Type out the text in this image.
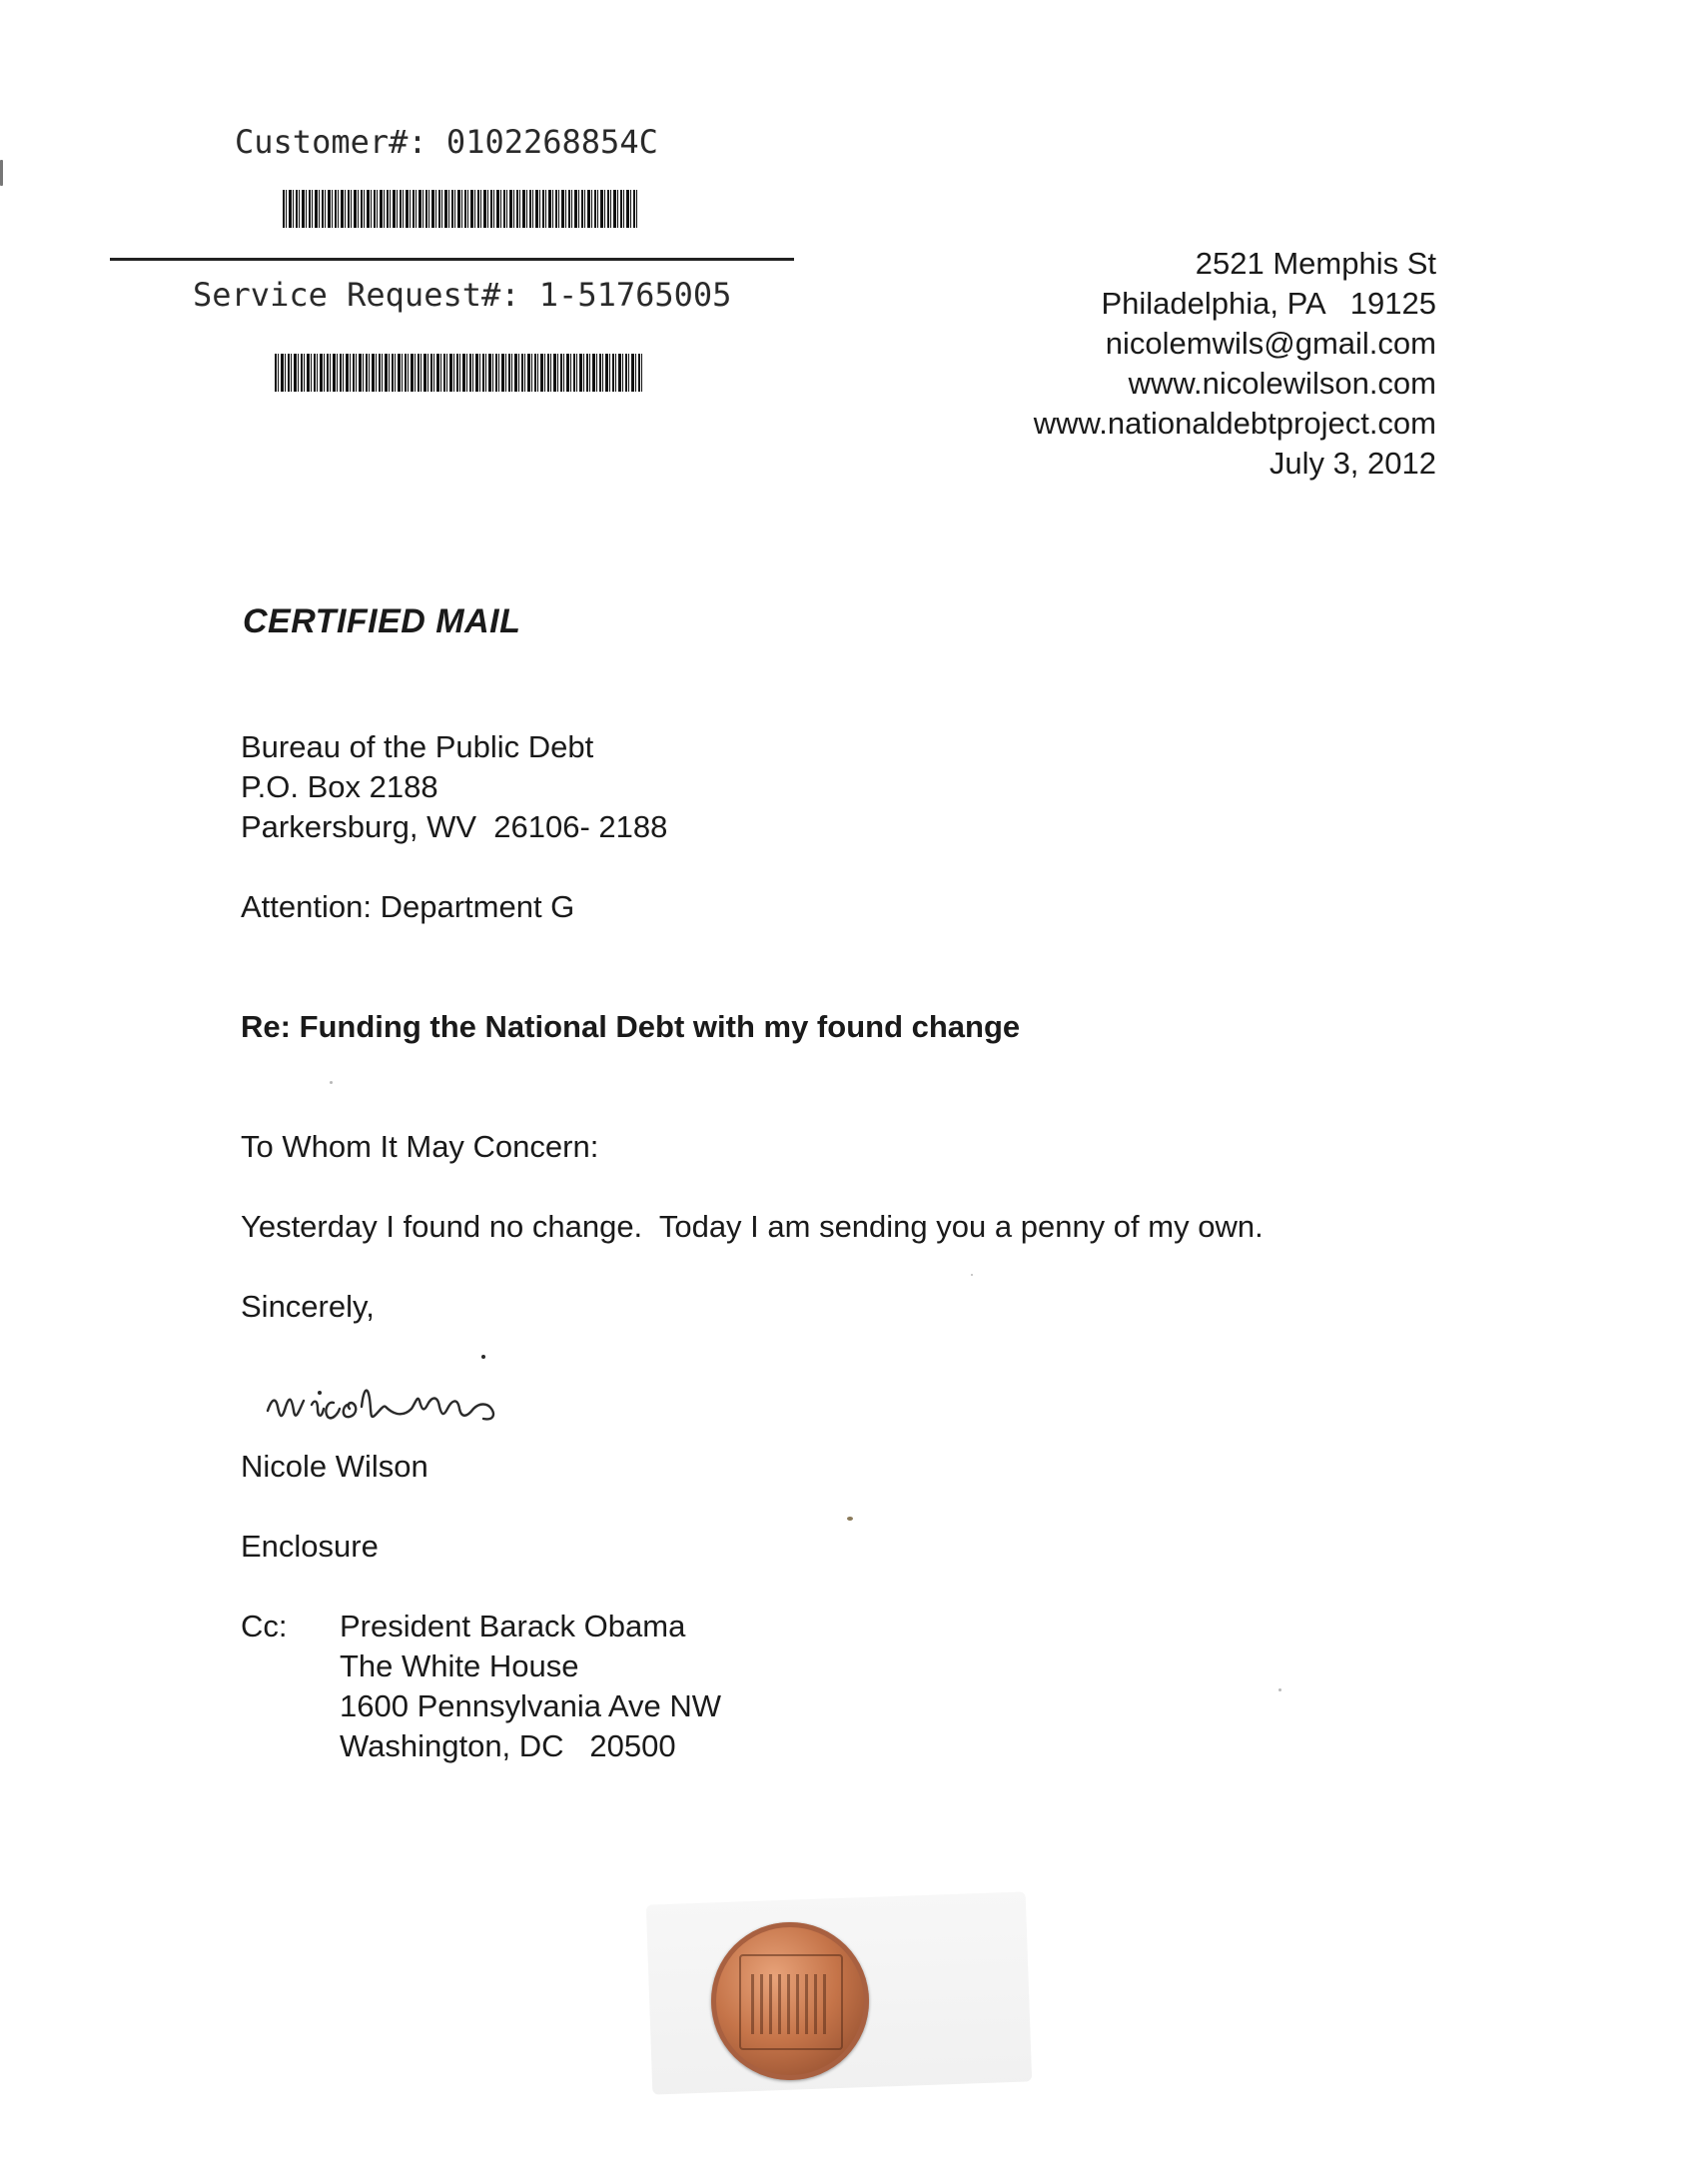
Customer#: 0102268854C
Service Request#: 1-51765005
2521 Memphis St
Philadelphia, PA   19125
nicolemwils@gmail.com
www.nicolewilson.com
www.nationaldebtproject.com
July 3, 2012
CERTIFIED MAIL
Bureau of the Public Debt
P.O. Box 2188
Parkersburg, WV  26106- 2188
Attention: Department G
Re: Funding the National Debt with my found change
To Whom It May Concern:
Yesterday I found no change.  Today I am sending you a penny of my own.
Sincerely,
Nicole Wilson
Enclosure
Cc: President Barack Obama
The White House
1600 Pennsylvania Ave NW
Washington, DC   20500
